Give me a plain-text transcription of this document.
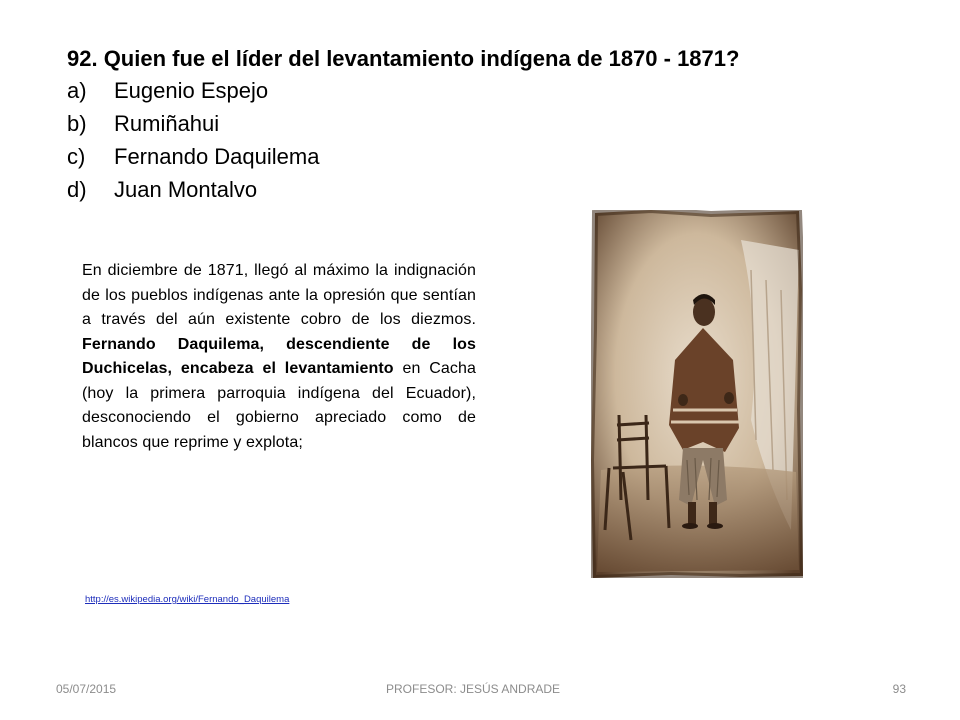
92. Quien fue el líder del levantamiento indígena de 1870 - 1871?

a)	Eugenio Espejo
b)	Rumiñahui
c)	Fernando Daquilema
d)	Juan Montalvo

En diciembre de 1871, llegó al máximo la indignación de los pueblos indígenas ante la opresión que sentían a través del aún existente cobro de los diezmos. Fernando Daquilema, descendiente de los Duchicelas, encabeza el levantamiento en Cacha (hoy la primera parroquia indígena del Ecuador), desconociendo el gobierno apreciado como de blancos que reprime y explota;

http://es.wikipedia.org/wiki/Fernando_Daquilema
05/07/2015	PROFESOR: JESÚS ANDRADE	93
